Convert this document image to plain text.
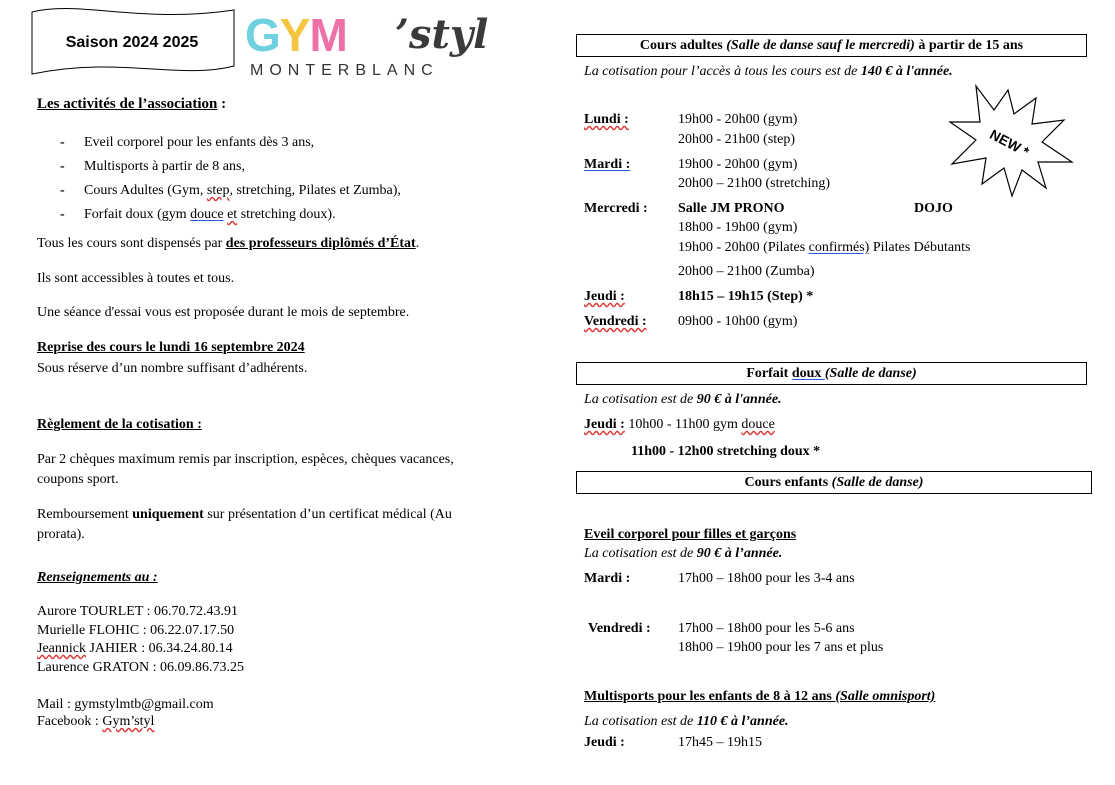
Saison 2024 2025	GYM ’styl
MONTERBLANC
Les activités de l’association :
- Eveil corporel pour les enfants dès 3 ans,
- Multisports à partir de 8 ans,
- Cours Adultes (Gym, step, stretching, Pilates et Zumba),
- Forfait doux (gym douce et stretching doux).
Tous les cours sont dispensés par des professeurs diplômés d’État.
Ils sont accessibles à toutes et tous.
Une séance d'essai vous est proposée durant le mois de septembre.
Reprise des cours le lundi 16 septembre 2024
Sous réserve d’un nombre suffisant d’adhérents.
Règlement de la cotisation :
Par 2 chèques maximum remis par inscription, espèces, chèques vacances,
coupons sport.
Remboursement uniquement sur présentation d’un certificat médical (Au
prorata).
Renseignements au :
Aurore TOURLET : 06.70.72.43.91
Murielle FLOHIC : 06.22.07.17.50
Jeannick JAHIER : 06.34.24.80.14
Laurence GRATON : 06.09.86.73.25
Mail : gymstylmtb@gmail.com
Facebook : Gym’styl
Cours adultes (Salle de danse sauf le mercredi) à partir de 15 ans
La cotisation pour l’accès à tous les cours est de 140 € à l'année.
NEW *
Lundi :	19h00 - 20h00 (gym)
20h00 - 21h00 (step)
Mardi :	19h00 - 20h00 (gym)
20h00 – 21h00 (stretching)
Mercredi : Salle JM PRONO	DOJO
18h00 - 19h00 (gym)
19h00 - 20h00 (Pilates confirmés) Pilates Débutants
20h00 – 21h00 (Zumba)
Jeudi :	18h15 – 19h15 (Step) *
Vendredi : 09h00 - 10h00 (gym)
Forfait doux (Salle de danse)
La cotisation est de 90 € à l'année.
Jeudi : 10h00 - 11h00 gym douce
11h00 - 12h00 stretching doux *
Cours enfants (Salle de danse)
Eveil corporel pour filles et garçons
La cotisation est de 90 € à l’année.
Mardi :	17h00 – 18h00 pour les 3-4 ans
Vendredi : 17h00 – 18h00 pour les 5-6 ans
18h00 – 19h00 pour les 7 ans et plus
Multisports pour les enfants de 8 à 12 ans (Salle omnisport)
La cotisation est de 110 € à l’année.
Jeudi :	17h45 – 19h15
